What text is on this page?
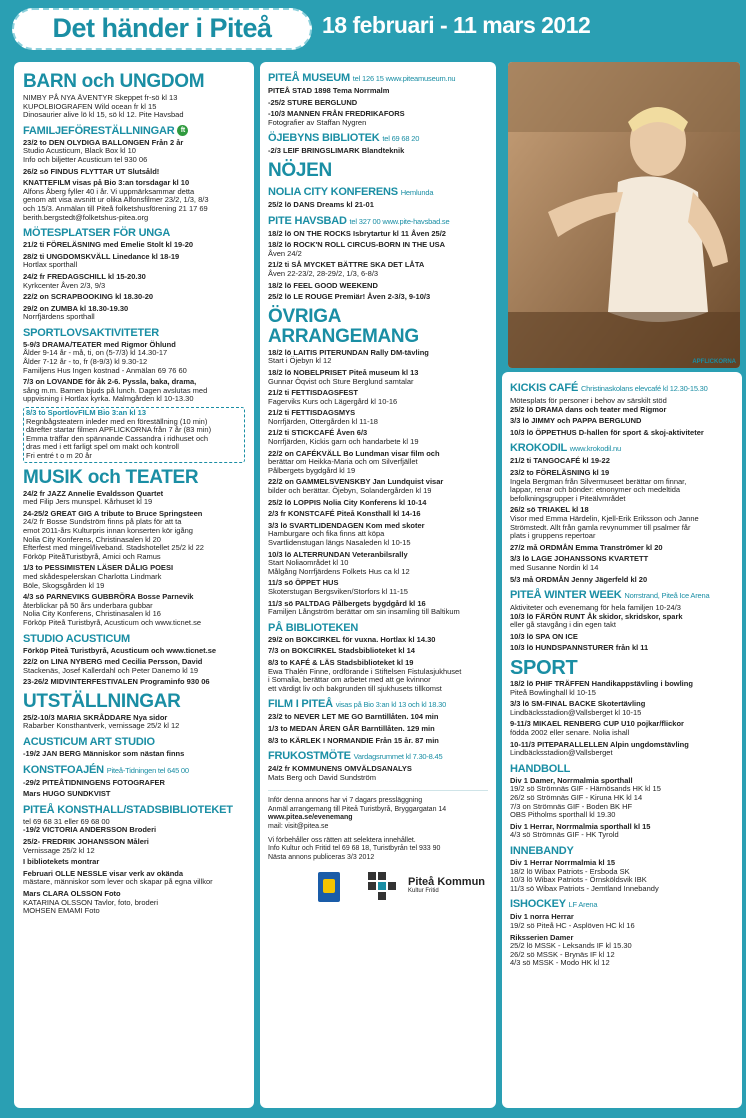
Det händer i Piteå	18 februari - 11 mars 2012
BARN och UNGDOM
NIMBY PÅ NYA ÄVENTYR Skeppet fr-sö kl 13
KUPOLBIOGRAFEN Wild ocean fr kl 15
Dinosaurier alive lö kl 15, sö kl 12. Pite Havsbad
FAMILJEFÖRESTÄLLNINGAR ft
23/2 to DEN OLYDIGA BALLONGEN Från 2 år
Studio Acusticum, Black Box kl 10
Info och biljetter Acusticum tel 930 06
26/2 sö FINDUS FLYTTAR UT Slutsåld!
KNATTEFILM visas på Bio 3:an torsdagar kl 10
Alfons Åberg fyller 40 i år. Vi uppmärksammar detta
genom att visa avsnitt ur olika Alfonsfilmer 23/2, 1/3, 8/3
och 15/3. Anmälan till Piteå folketshusförening 21 17 69
berith.bergstedt@folketshus-pitea.org
MÖTESPLATSER FÖR UNGA
21/2 ti FÖRELÄSNING med Emelie Stolt kl 19-20
28/2 ti UNGDOMSKVÄLL Linedance kl 18-19
Hortlax sporthall
24/2 fr FREDAGSCHILL kl 15-20.30
Kyrkcenter Åven 2/3, 9/3
22/2 on SCRAPBOOKING kl 18.30-20
29/2 on ZUMBA kl 18.30-19.30
Norrfjärdens sporthall
SPORTLOVSAKTIVITETER
5-9/3 DRAMA/TEATER med Rigmor Öhlund
Ålder 9-14 år - må, ti, on (5-7/3) kl 14.30-17
Ålder 7-12 år - to, fr (8-9/3) kl 9.30-12
Familjens Hus Ingen kostnad - Anmälan 69 76 60
7/3 on LOVANDE för åk 2-6. Pyssla, baka, drama,
sång m.m. Barnen bjuds på lunch. Dagen avslutas med
uppvisning i Hortlax kyrka. Malmgården kl 10-13.30
8/3 to SportlovFILM Bio 3:an kl 13
Regnbågsteatern inleder med en föreställning (10 min)
därefter startar filmen APFLICKORNA från 7 år (83 min)
Emma träffar den spännande Cassandra i ridhuset och
dras med i ett farligt spel om makt och kontroll
Fri entré t o m 20 år
MUSIK och TEATER
24/2 fr JAZZ Annelie Evaldsson Quartet
med Filip Jers munspel. Kårhuset kl 19
24-25/2 GREAT GIG A tribute to Bruce Springsteen
24/2 fr Bosse Sundström finns på plats för att ta
emot 2011-års Kulturpris innan konserten kör igång
Nolia City Konferens, Christinasalen kl 20
Efterfest med mingel/liveband. Stadshotellet 25/2 kl 22
Förköp PiteåTuristbyrå, Amici och Ramus
1/3 to PESSIMISTEN LÄSER DÅLIG POESI
med skådespelerskan Charlotta Lindmark
Böle, Skogsgården kl 19
4/3 sö PARNEVIKS GUBBRÖRA Bosse Parnevik
återblickar på 50 års underbara gubbar
Nolia City Konferens, Christinasalen kl 16
Förköp Piteå Turistbyrå, Acusticum och www.ticnet.se
STUDIO ACUSTICUM
Förköp Piteå Turistbyrå, Acusticum och www.ticnet.se
22/2 on LINA NYBERG med Cecilia Persson, David
Stackenäs, Josef Kallerdahl och Peter Danemo kl 19
23-26/2 MIDVINTERFESTIVALEN Programinfo 930 06
UTSTÄLLNINGAR
25/2-10/3 MARIA SKRÅDDARE Nya sidor
Rabarber Konsthantverk, vernissage 25/2 kl 12
ACUSTICUM ART STUDIO
-19/2 JAN BERG Människor som nästan finns
KONSTFOAJÉN Piteå-Tidningen tel 645 00
-29/2 PITEÅTIDNINGENS FOTOGRAFER
Mars HUGO SUNDKVIST
PITEÅ KONSTHALL/STADSBIBLIOTEKET
tel 69 68 31 eller 69 68 00
-19/2 VICTORIA ANDERSSON Broderi
25/2- FREDRIK JOHANSSON Måleri
Vernissage 25/2 kl 12
I bibliotekets montrar
Februari OLLE NESSLE visar verk av okända
mästare, människor som lever och skapar på egna villkor
Mars CLARA OLSSON Foto
KATARINA OLSSON Tavlor, foto, broderi
MOHSEN EMAMI Foto
PITEÅ MUSEUM tel 126 15 www.piteamuseum.nu
PITEÅ STAD 1898 Tema Norrmalm
-25/2 STURE BERGLUND
-10/3 MANNEN FRÅN FREDRIKAFORS
Fotografier av Staffan Nygren
ÖJEBYNS BIBLIOTEK tel 69 68 20
-2/3 LEIF BRINGSLIMARK Blandteknik
NÖJEN
NOLIA CITY KONFERENS Hemlunda
25/2 lö DANS Dreams kl 21-01
PITE HAVSBAD tel 327 00 www.pite-havsbad.se
18/2 lö ON THE ROCKS Isbrytartur kl 11 Åven 25/2
18/2 lö ROCK'N ROLL CIRCUS-BORN IN THE USA
Åven 24/2
21/2 ti SÅ MYCKET BÄTTRE SKA DET LÅTA
Åven 22-23/2, 28-29/2, 1/3, 6-8/3
18/2 lö FEEL GOOD WEEKEND
25/2 lö LE ROUGE Premiär! Åven 2-3/3, 9-10/3
ÖVRIGA ARRANGEMANG
18/2 lö LAITIS PITERUNDAN Rally DM-tävling
Start i Öjebyn kl 12
18/2 lö NOBELPRISET Piteå museum kl 13
Gunnar Öqvist och Sture Berglund samtalar
21/2 ti FETTISDAGSFEST
Fagerviks Kurs och Lägergård kl 10-16
21/2 ti FETTISDAGSMYS
Norrfjärden, Ottergården kl 11-18
21/2 ti STICKCAFÉ Åven 6/3
Norrfjärden, Kickis garn och handarbete kl 19
22/2 on CAFÉKVÄLL Bo Lundman visar film och
berättar om Heikka-Maria och om Silverfjället
Pålbergets bygdgård kl 19
22/2 on GAMMELSVENSKBY Jan Lundquist visar
bilder och berättar. Öjebyn, Solandergården kl 19
25/2 lö LOPPIS Nolia City Konferens kl 10-14
2/3 fr KONSTCAFÉ Piteå Konsthall kl 14-16
3/3 lö SVARTLIDENDAGEN Kom med skoter
Hamburgare och fika finns att köpa
Svartlidenstugan längs Nasaleden kl 10-15
10/3 lö ALTERRUNDAN Veteranbilsrally
Start Noliaområdet kl 10
Målgång Norrfjärdens Folkets Hus ca kl 12
11/3 sö ÖPPET HUS
Skoterstugan Bergsviken/Storfors kl 11-15
11/3 sö PALTDAG Pålbergets bygdgård kl 16
Familjen Långström berättar om sin insamling till Baltikum
PÅ BIBLIOTEKEN
29/2 on BOKCIRKEL för vuxna. Hortlax kl 14.30
7/3 on BOKCIRKEL Stadsbiblioteket kl 14
8/3 to KAFÉ & LÄS Stadsbiblioteket kl 19
Ewa Thalén Finne, ordförande i Stiftelsen Fistulasjukhuset
i Somalia, berättar om arbetet med att ge kvinnor
ett värdigt liv och bakgrunden till sjukhusets tillkomst
FILM I PITEÅ visas på Bio 3:an kl 13 och kl 18.30
23/2 to NEVER LET ME GO Barntillåten. 104 min
1/3 to MEDAN ÅREN GÅR Barntillåten. 129 min
8/3 to KÄRLEK I NORMANDIE Från 15 år. 87 min
FRUKOSTMÖTE Vardagsrummet kl 7.30-8.45
24/2 fr KOMMUNENS OMVÄLDSANALYS
Mats Berg och David Sundström
Inför denna annons har vi 7 dagars pressläggning
Anmäl arrangemang till Piteå Turistbyrå, Bryggargatan 14
www.pitea.se/evenemang
mail: visit@pitea.se
Vi förbehåller oss rätten att selektera innehållet.
Info Kultur och Fritid tel 69 68 18, Turistbyrån tel 933 90
Nästa annons publiceras 3/3 2012
Piteå Kommun
Kultur Fritid
APFLICKORNA
KICKIS CAFÉ Christinaskolans elevcafé kl 12.30-15.30
Mötesplats för personer i behov av särskilt stöd
25/2 lö DRAMA dans och teater med Rigmor
3/3 lö JIMMY och PAPPA BERGLUND
10/3 lö ÖPPETHUS D-hallen för sport & skoj-aktiviteter
KROKODIL www.krokodil.nu
21/2 ti TANGOCAFÉ kl 19-22
23/2 to FÖRELÄSNING kl 19
Ingela Bergman från Silvermuseet berättar om finnar,
lappar, renar och bönder: etnonymer och medeltida
befolkningsgrupper i Piteälvmrådet
26/2 sö TRIAKEL kl 18
Visor med Emma Härdelin, Kjell-Erik Eriksson och Janne
Strömstedt. Allt från gamla revynummer till psalmer får
plats i gruppens repertoar
27/2 må ORDMÅN Emma Tranströmer kl 20
3/3 lö LAGE JOHANSSONS KVARTETT
med Susanne Nordin kl 14
5/3 må ORDMÅN Jenny Jägerfeld kl 20
PITEÅ WINTER WEEK Norrstrand, Piteå Ice Arena
Aktiviteter och evenemang för hela familjen 10-24/3
10/3 lö FÄRÖN RUNT Åk skidor, skridskor, spark
eller gå stavgång i din egen takt
10/3 lö SPA ON ICE
10/3 lö HUNDSPANNSTURER från kl 11
SPORT
18/2 lö PHIF TRÄFFEN Handikappstävling i bowling
Piteå Bowlinghall kl 10-15
3/3 lö SM-FINAL BACKE Skotertävling
Lindbäcksstadion@Vallsberget kl 10-15
9-11/3 MIKAEL RENBERG CUP U10 pojkar/flickor
födda 2002 eller senare. Nolia ishall
10-11/3 PITEPARALLELLEN Alpin ungdomstävling
Lindbäcksstadion@Vallsberget
HANDBOLL
Div 1 Damer, Norrmalmia sporthall
19/2 sö Strömnäs GIF - Härnösands HK kl 15
26/2 sö Strömnäs GIF - Kiruna HK kl 14
7/3 on Strömnäs GIF - Boden BK HF
OBS Pitholms sporthall kl 19.30
Div 1 Herrar, Norrmalmia sporthall kl 15
4/3 sö Strömnäs GIF - HK Tyrold
INNEBANDY
Div 1 Herrar Norrmalmia kl 15
18/2 lö Wibax Patriots - Ersboda SK
10/3 lö Wibax Patriots - Örnsköldsvik IBK
11/3 sö Wibax Patriots - Jemtland Innebandy
ISHOCKEY LF Arena
Div 1 norra Herrar
19/2 sö Piteå HC - Asplöven HC kl 16
Riksserien Damer
25/2 lö MSSK - Leksands IF kl 15.30
26/2 sö MSSK - Brynäs IF kl 12
4/3 sö MSSK - Modo HK kl 12
